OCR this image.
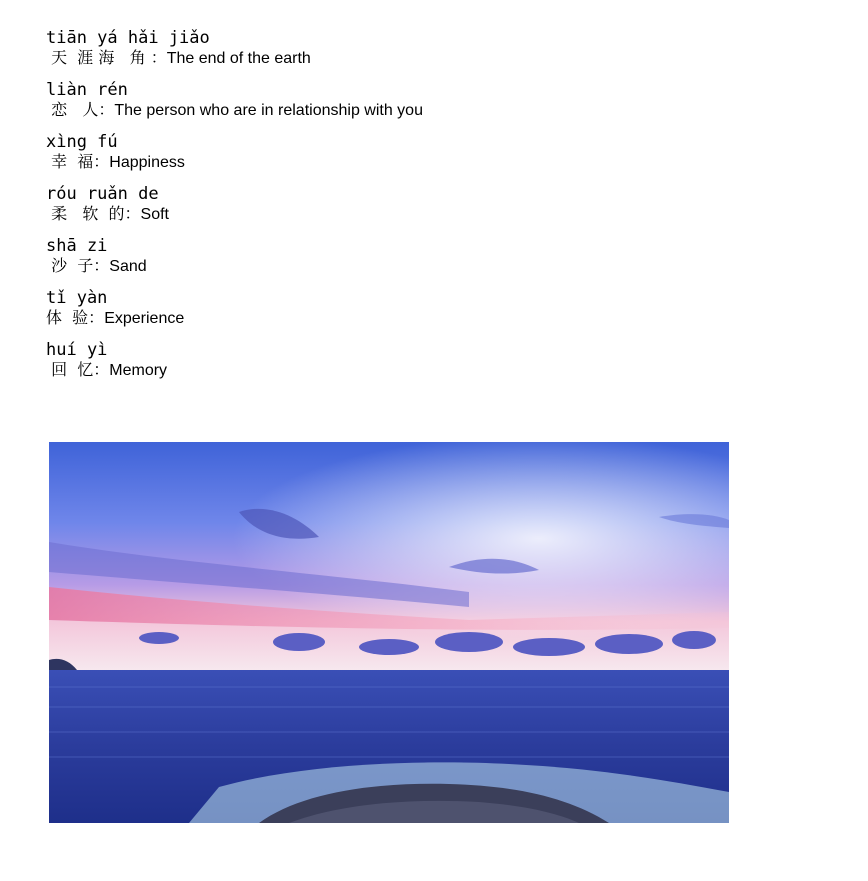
tiān yá hǎi jiǎo
天  涯 海   角 ：The end of the earth
liàn rén
恋   人：The person who are in relationship with you
xìng fú
幸  福：Happiness
róu ruǎn de
柔   软  的：Soft
shā zi
沙  子：Sand
tǐ yàn
体  验：Experience
huí yì
回  忆：Memory
